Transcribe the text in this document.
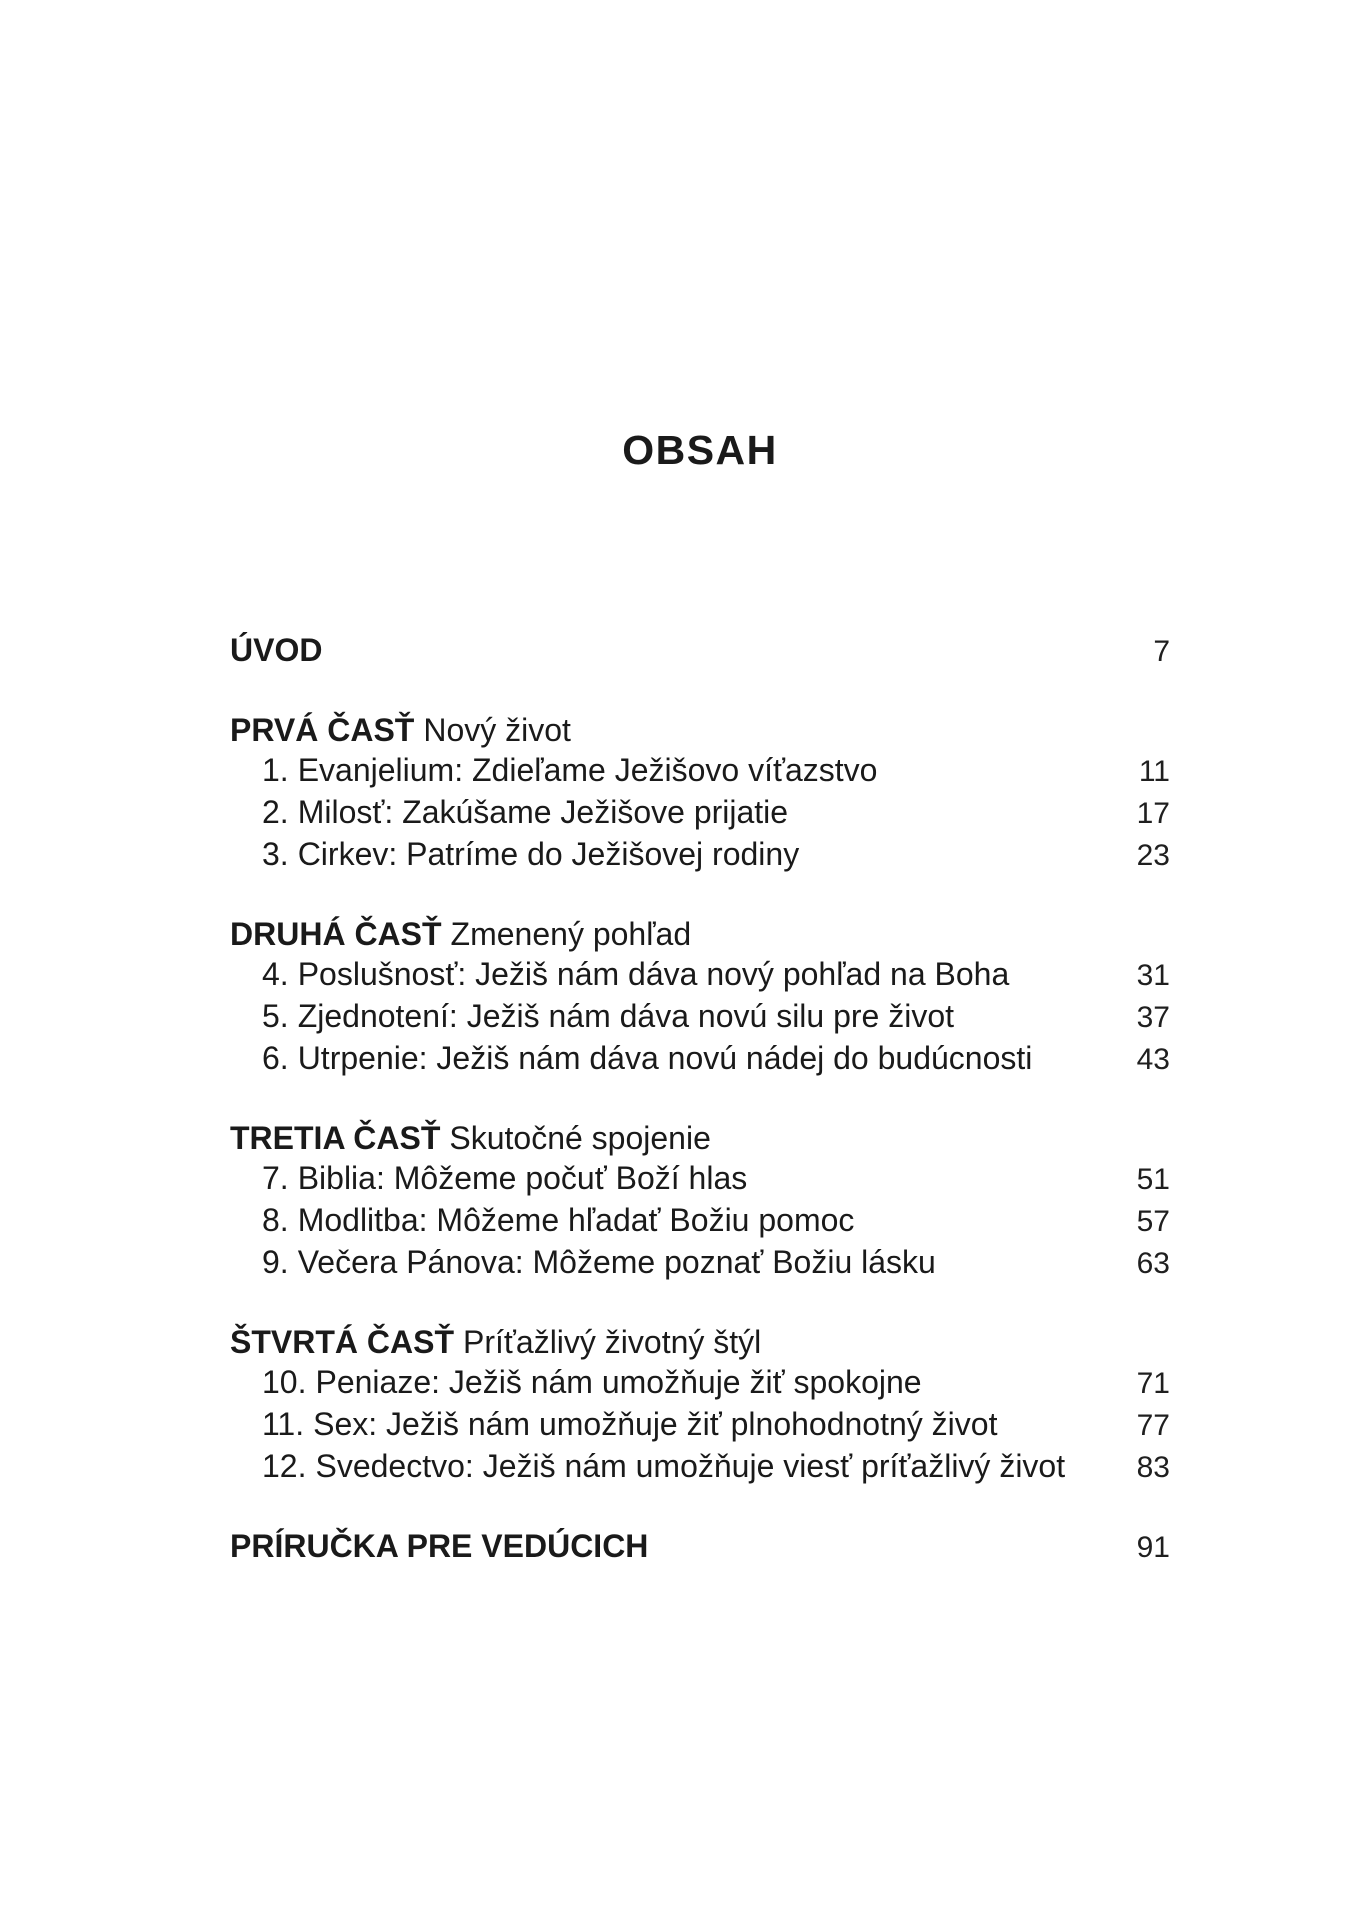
OBSAH
ÚVOD	7
PRVÁ ČASŤ Nový život
1. Evanjelium: Zdieľame Ježišovo víťazstvo	11
2. Milosť: Zakúšame Ježišove prijatie	17
3. Cirkev: Patríme do Ježišovej rodiny	23
DRUHÁ ČASŤ Zmenený pohľad
4. Poslušnosť: Ježiš nám dáva nový pohľad na Boha	31
5. Zjednotení: Ježiš nám dáva novú silu pre život	37
6. Utrpenie: Ježiš nám dáva novú nádej do budúcnosti	43
TRETIA ČASŤ Skutočné spojenie
7. Biblia: Môžeme počuť Boží hlas	51
8. Modlitba: Môžeme hľadať Božiu pomoc	57
9. Večera Pánova: Môžeme poznať Božiu lásku	63
ŠTVRTÁ ČASŤ Príťažlivý životný štýl
10. Peniaze: Ježiš nám umožňuje žiť spokojne	71
11. Sex: Ježiš nám umožňuje žiť plnohodnotný život	77
12. Svedectvo: Ježiš nám umožňuje viesť príťažlivý život	83
PRÍRUČKA PRE VEDÚCICH	91
